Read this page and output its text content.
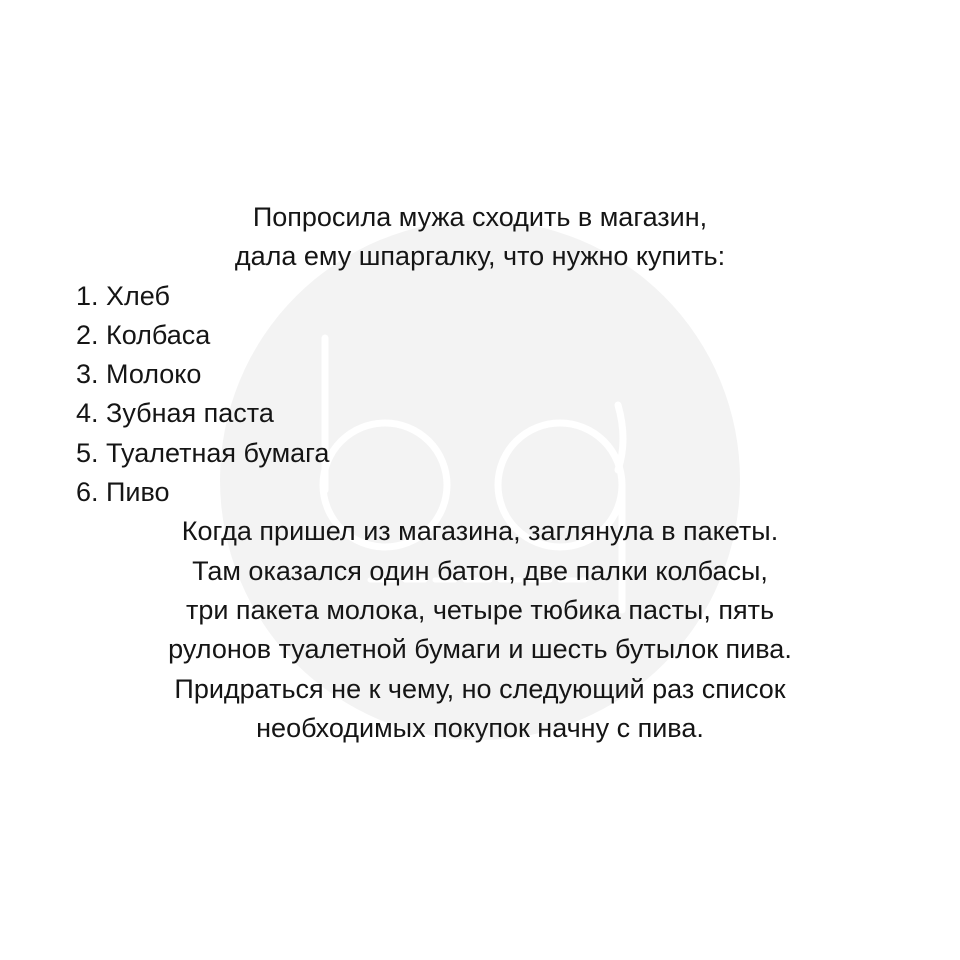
Попросила мужа сходить в магазин,
дала ему шпаргалку, что нужно купить:
1. Хлеб
2. Колбаса
3. Молоко
4. Зубная паста
5. Туалетная бумага
6. Пиво
Когда пришел из магазина, заглянула в пакеты.
Там оказался один батон, две палки колбасы,
три пакета молока, четыре тюбика пасты, пять
рулонов туалетной бумаги и шесть бутылок пива.
Придраться не к чему, но следующий раз список
необходимых покупок начну с пива.
